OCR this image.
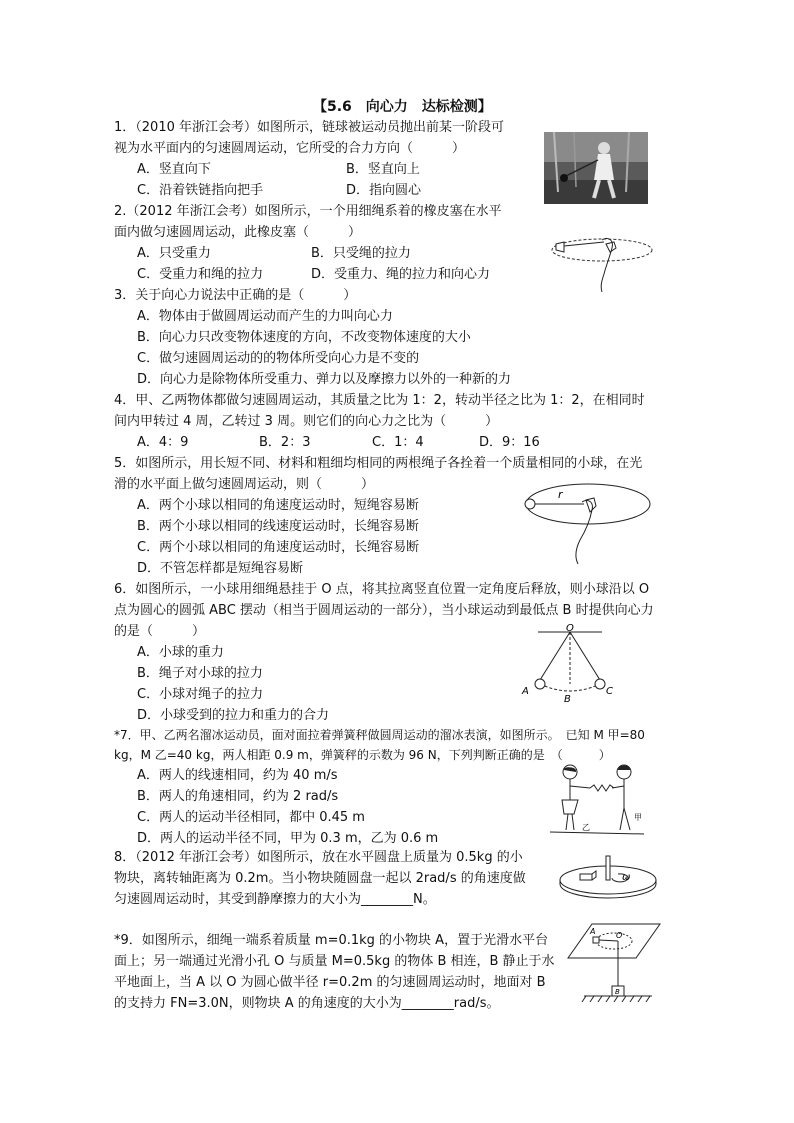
【5.6　向心力　达标检测】
1．（2010 年浙江会考）如图所示，链球被运动员抛出前某一阶段可
视为水平面内的匀速圆周运动，它所受的合力方向（　　　）
A．竖直向下	B．竖直向上
C．沿着铁链指向把手	D．指向圆心
2.（2012 年浙江会考）如图所示，一个用细绳系着的橡皮塞在水平
面内做匀速圆周运动，此橡皮塞（　　　）
A．只受重力	B．只受绳的拉力
C．受重力和绳的拉力	D．受重力、绳的拉力和向心力
3．关于向心力说法中正确的是（　　　）
A．物体由于做圆周运动而产生的力叫向心力
B．向心力只改变物体速度的方向，不改变物体速度的大小
C．做匀速圆周运动的的物体所受向心力是不变的
D．向心力是除物体所受重力、弹力以及摩擦力以外的一种新的力
4．甲、乙两物体都做匀速圆周运动，其质量之比为 1：2，转动半径之比为 1：2，在相同时
间内甲转过 4 周，乙转过 3 周。则它们的向心力之比为（　　　）
A．4：9	B．2：3	C．1：4	D．9：16
5．如图所示，用长短不同、材料和粗细均相同的两根绳子各拴着一个质量相同的小球，在光
滑的水平面上做匀速圆周运动，则（　　　）
A．两个小球以相同的角速度运动时，短绳容易断
B．两个小球以相同的线速度运动时，长绳容易断
C．两个小球以相同的角速度运动时，长绳容易断
D．不管怎样都是短绳容易断
r
6．如图所示，一小球用细绳悬挂于 O 点，将其拉离竖直位置一定角度后释放，则小球沿以 O
点为圆心的圆弧 ABC 摆动（相当于圆周运动的一部分），当小球运动到最低点 B 时提供向心力
的是（　　　）
A．小球的重力
B．绳子对小球的拉力
C．小球对绳子的拉力
D．小球受到的拉力和重力的合力
O
A
B
C
*7．甲、乙两名溜冰运动员，面对面拉着弹簧秤做圆周运动的溜冰表演，如图所示。　已知 M 甲=80
kg，M 乙=40 kg，两人相距 0.9 m，弹簧秤的示数为 96 N，下列判断正确的是　（　　　）
A．两人的线速相同，约为 40 m/s
B．两人的角速相同，约为 2 rad/s
C．两人的运动半径相同，都中 0.45 m
D．两人的运动半径不同，甲为 0.3 m，乙为 0.6 m
乙
甲
8．（2012 年浙江会考）如图所示，放在水平圆盘上质量为 0.5kg 的小
物块，离转轴距离为 0.2m。当小物块随圆盘一起以 2rad/s 的角速度做
匀速圆周运动时，其受到静摩擦力的大小为________N。
ω
*9．如图所示，细绳一端系着质量 m=0.1kg 的小物块 A，置于光滑水平台
面上；另一端通过光滑小孔 O 与质量 M=0.5kg 的物体 B 相连，B 静止于水
平地面上，当 A 以 O 为圆心做半径 r=0.2m 的匀速圆周运动时，地面对 B
的支持力 FN=3.0N，则物块 A 的角速度的大小为________rad/s。
A	O
B
